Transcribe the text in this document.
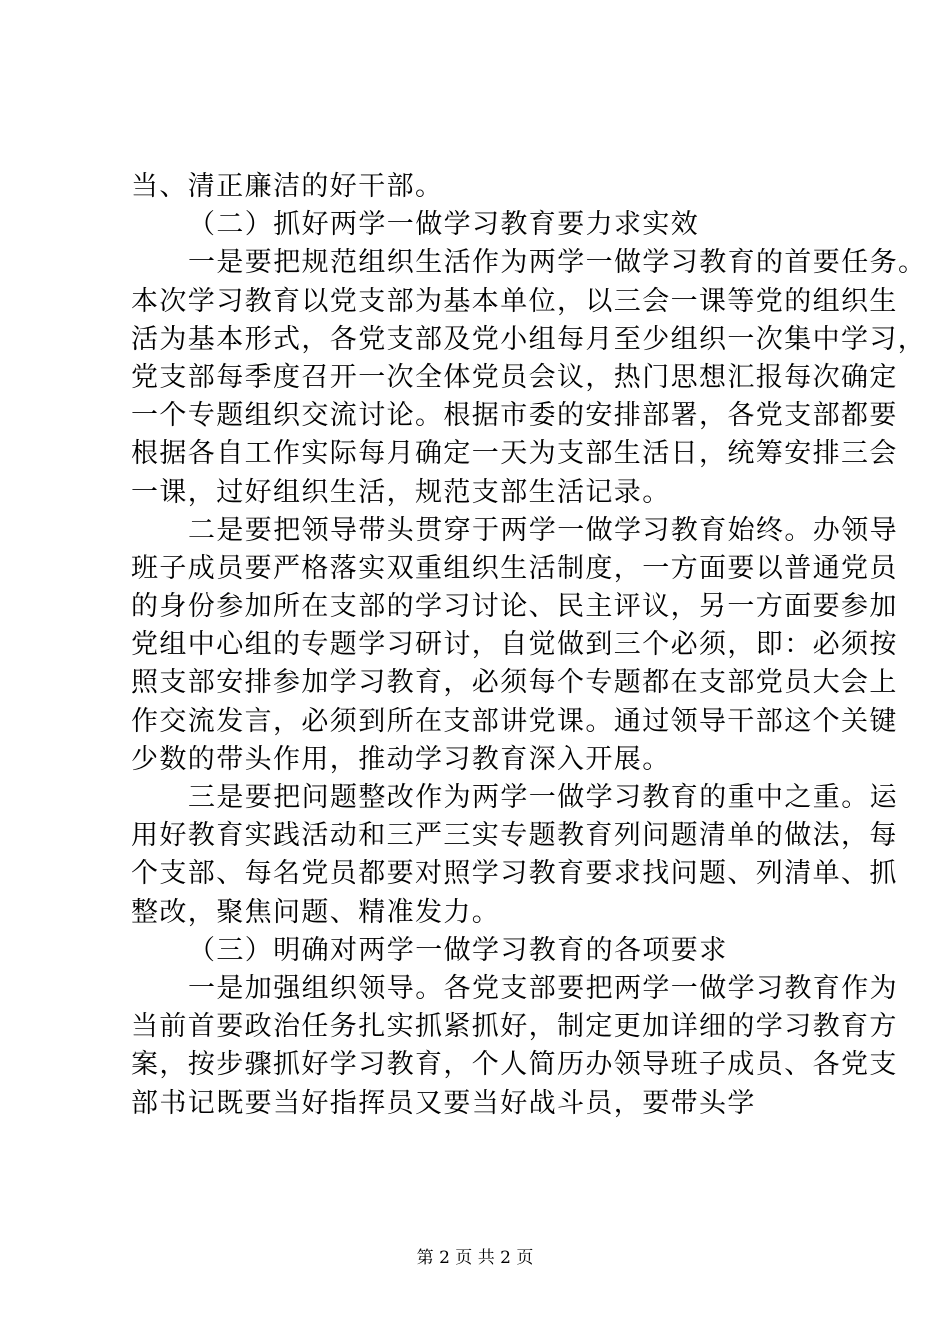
当、清正廉洁的好干部。
（二）抓好两学一做学习教育要力求实效
一是要把规范组织生活作为两学一做学习教育的首要任务。
本次学习教育以党支部为基本单位，以三会一课等党的组织生
活为基本形式，各党支部及党小组每月至少组织一次集中学习，
党支部每季度召开一次全体党员会议，热门思想汇报每次确定
一个专题组织交流讨论。根据市委的安排部署，各党支部都要
根据各自工作实际每月确定一天为支部生活日，统筹安排三会
一课，过好组织生活，规范支部生活记录。
二是要把领导带头贯穿于两学一做学习教育始终。办领导
班子成员要严格落实双重组织生活制度，一方面要以普通党员
的身份参加所在支部的学习讨论、民主评议，另一方面要参加
党组中心组的专题学习研讨，自觉做到三个必须，即：必须按
照支部安排参加学习教育，必须每个专题都在支部党员大会上
作交流发言，必须到所在支部讲党课。通过领导干部这个关键
少数的带头作用，推动学习教育深入开展。
三是要把问题整改作为两学一做学习教育的重中之重。运
用好教育实践活动和三严三实专题教育列问题清单的做法，每
个支部、每名党员都要对照学习教育要求找问题、列清单、抓
整改，聚焦问题、精准发力。
（三）明确对两学一做学习教育的各项要求
一是加强组织领导。各党支部要把两学一做学习教育作为
当前首要政治任务扎实抓紧抓好，制定更加详细的学习教育方
案，按步骤抓好学习教育，个人简历办领导班子成员、各党支
部书记既要当好指挥员又要当好战斗员，要带头学
第 2 页 共 2 页
